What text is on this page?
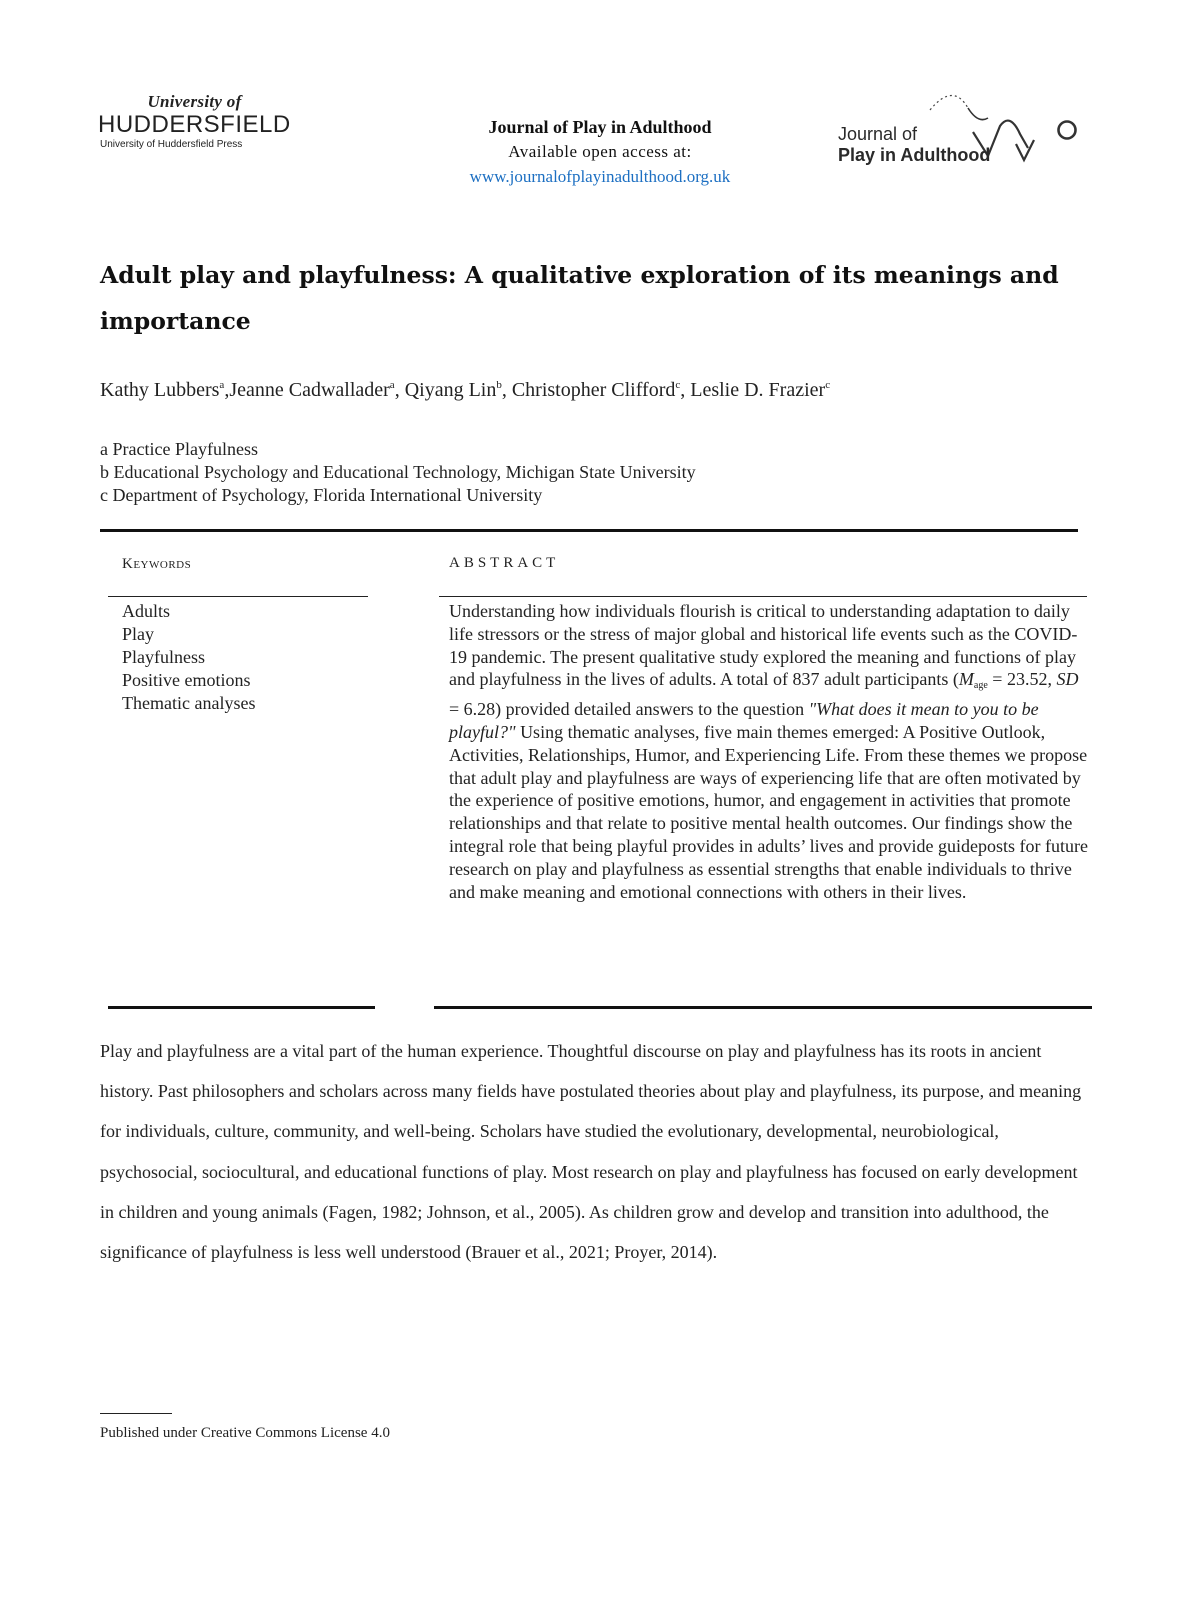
University of
HUDDERSFIELD
University of Huddersfield Press
Journal of Play in Adulthood
Available open access at:
www.journalofplayinadulthood.org.uk
Journal of
Play in Adulthood
Adult play and playfulness: A qualitative exploration of its meanings and importance
Kathy Lubbers$^a$,Jeanne Cadwallader$^a$, Qiyang Lin$^b$, Christopher Clifford$^c$, Leslie D. Frazier$^c$
a Practice Playfulness
b Educational Psychology and Educational Technology, Michigan State University
c Department of Psychology, Florida International University
Keywords	ABSTRACT
Adults
Play
Playfulness
Positive emotions
Thematic analyses
Understanding how individuals flourish is critical to understanding adaptation to daily life stressors or the stress of major global and historical life events such as the COVID-19 pandemic. The present qualitative study explored the meaning and functions of play and playfulness in the lives of adults. A total of 837 adult participants ($M_{age} = 23.52$, SD = 6.28) provided detailed answers to the question "What does it mean to you to be playful?" Using thematic analyses, five main themes emerged: A Positive Outlook, Activities, Relationships, Humor, and Experiencing Life. From these themes we propose that adult play and playfulness are ways of experiencing life that are often motivated by the experience of positive emotions, humor, and engagement in activities that promote relationships and that relate to positive mental health outcomes. Our findings show the integral role that being playful provides in adults’ lives and provide guideposts for future research on play and playfulness as essential strengths that enable individuals to thrive and make meaning and emotional connections with others in their lives.
Play and playfulness are a vital part of the human experience. Thoughtful discourse on play and playfulness has its roots in ancient history. Past philosophers and scholars across many fields have postulated theories about play and playfulness, its purpose, and meaning for individuals, culture, community, and well-being. Scholars have studied the evolutionary, developmental, neurobiological, psychosocial, sociocultural, and educational functions of play. Most research on play and playfulness has focused on early development in children and young animals (Fagen, 1982; Johnson, et al., 2005). As children grow and develop and transition into adulthood, the significance of playfulness is less well understood (Brauer et al., 2021; Proyer, 2014).
Published under Creative Commons License 4.0
